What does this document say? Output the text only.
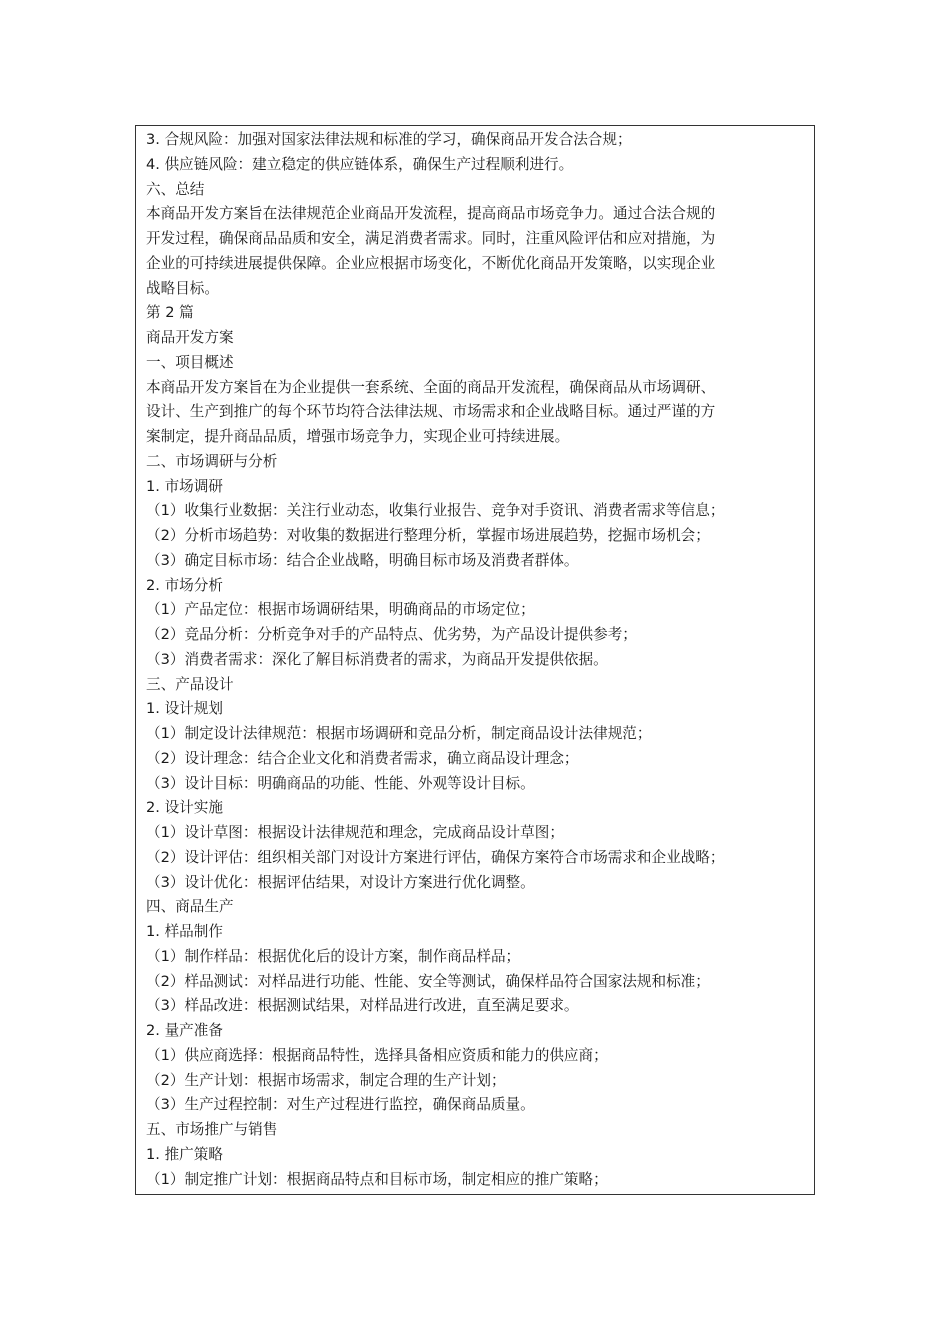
3. 合规风险：加强对国家法律法规和标准的学习，确保商品开发合法合规；
4. 供应链风险：建立稳定的供应链体系，确保生产过程顺利进行。
六、总结
本商品开发方案旨在法律规范企业商品开发流程，提高商品市场竞争力。通过合法合规的
开发过程，确保商品品质和安全，满足消费者需求。同时，注重风险评估和应对措施，为
企业的可持续进展提供保障。企业应根据市场变化，不断优化商品开发策略，以实现企业
战略目标。
第 2 篇
商品开发方案
一、项目概述
本商品开发方案旨在为企业提供一套系统、全面的商品开发流程，确保商品从市场调研、
设计、生产到推广的每个环节均符合法律法规、市场需求和企业战略目标。通过严谨的方
案制定，提升商品品质，增强市场竞争力，实现企业可持续进展。
二、市场调研与分析
1. 市场调研
（1）收集行业数据：关注行业动态，收集行业报告、竞争对手资讯、消费者需求等信息；
（2）分析市场趋势：对收集的数据进行整理分析，掌握市场进展趋势，挖掘市场机会；
（3）确定目标市场：结合企业战略，明确目标市场及消费者群体。
2. 市场分析
（1）产品定位：根据市场调研结果，明确商品的市场定位；
（2）竞品分析：分析竞争对手的产品特点、优劣势，为产品设计提供参考；
（3）消费者需求：深化了解目标消费者的需求，为商品开发提供依据。
三、产品设计
1. 设计规划
（1）制定设计法律规范：根据市场调研和竞品分析，制定商品设计法律规范；
（2）设计理念：结合企业文化和消费者需求，确立商品设计理念；
（3）设计目标：明确商品的功能、性能、外观等设计目标。
2. 设计实施
（1）设计草图：根据设计法律规范和理念，完成商品设计草图；
（2）设计评估：组织相关部门对设计方案进行评估，确保方案符合市场需求和企业战略；
（3）设计优化：根据评估结果，对设计方案进行优化调整。
四、商品生产
1. 样品制作
（1）制作样品：根据优化后的设计方案，制作商品样品；
（2）样品测试：对样品进行功能、性能、安全等测试，确保样品符合国家法规和标准；
（3）样品改进：根据测试结果，对样品进行改进，直至满足要求。
2. 量产准备
（1）供应商选择：根据商品特性，选择具备相应资质和能力的供应商；
（2）生产计划：根据市场需求，制定合理的生产计划；
（3）生产过程控制：对生产过程进行监控，确保商品质量。
五、市场推广与销售
1. 推广策略
（1）制定推广计划：根据商品特点和目标市场，制定相应的推广策略；
